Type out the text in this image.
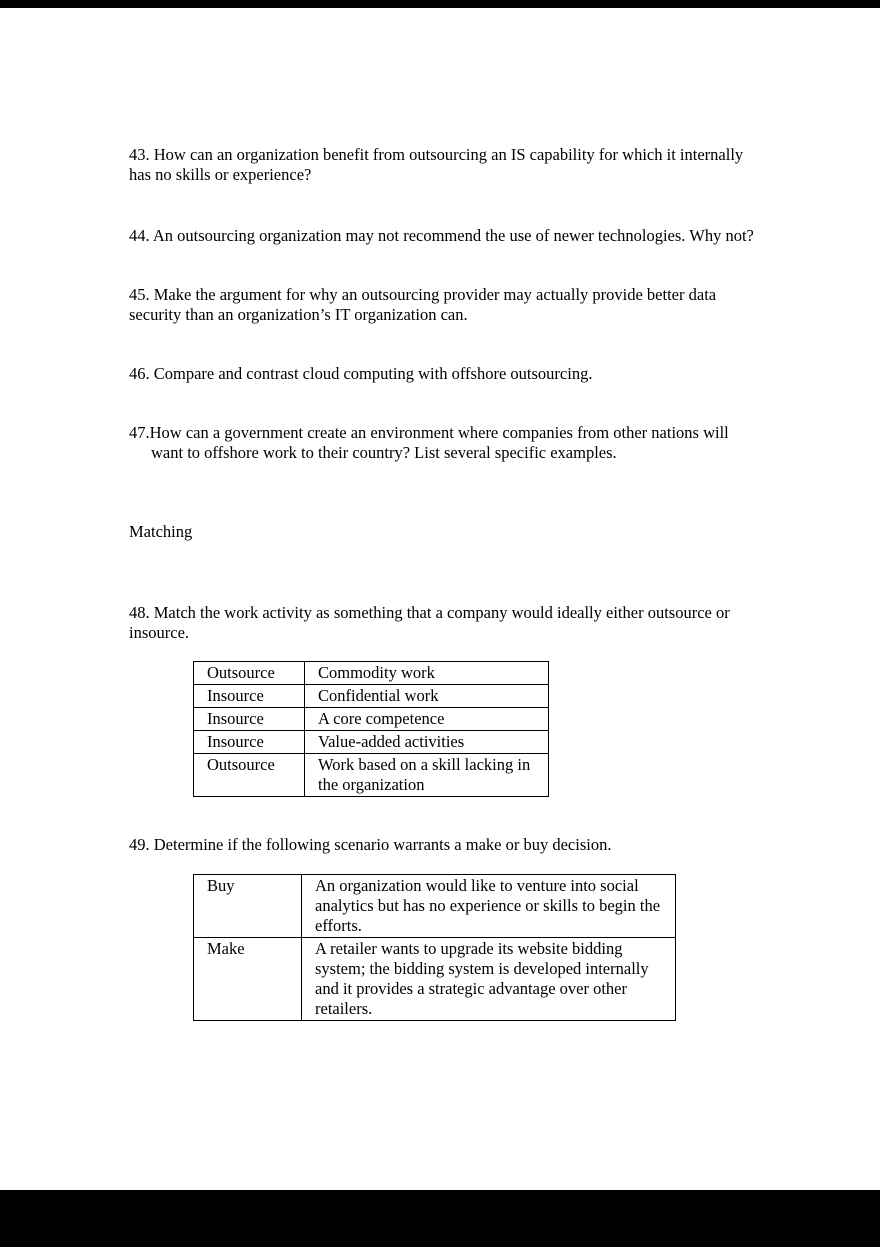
43. How can an organization benefit from outsourcing an IS capability for which it internally has no skills or experience?

44. An outsourcing organization may not recommend the use of newer technologies. Why not?

45. Make the argument for why an outsourcing provider may actually provide better data security than an organization’s IT organization can.

46. Compare and contrast cloud computing with offshore outsourcing.

47.How can a government create an environment where companies from other nations will want to offshore work to their country? List several specific examples.

Matching

48. Match the work activity as something that a company would ideally either outsource or insource.

Outsource	Commodity work
Insource	Confidential work
Insource	A core competence
Insource	Value-added activities
Outsource	Work based on a skill lacking in the organization

49. Determine if the following scenario warrants a make or buy decision.

Buy	An organization would like to venture into social analytics but has no experience or skills to begin the efforts.
Make	A retailer wants to upgrade its website bidding system; the bidding system is developed internally and it provides a strategic advantage over other retailers.
